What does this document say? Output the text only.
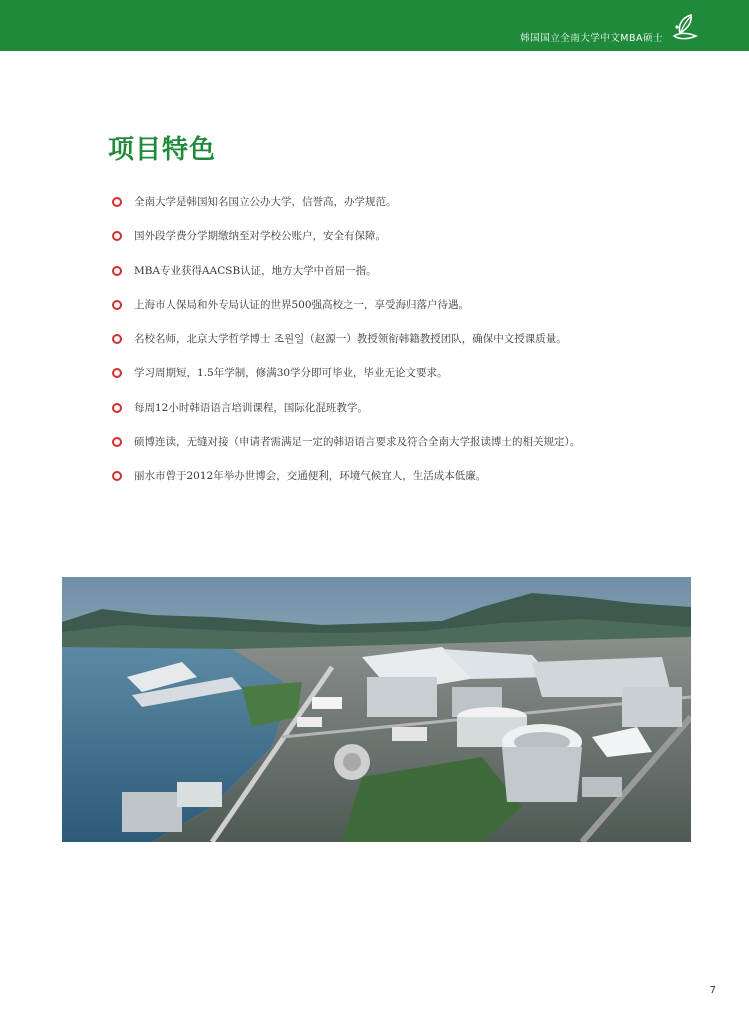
韩国国立全南大学中文MBA硕士
项目特色
全南大学是韩国知名国立公办大学，信誉高，办学规范。
国外段学费分学期缴纳至对学校公账户，安全有保障。
MBA专业获得AACSB认证，地方大学中首屈一指。
上海市人保局和外专局认证的世界500强高校之一，享受海归落户待遇。
名校名师，北京大学哲学博士 조원일（赵源一）教授领衔韩籍教授团队，确保中文授课质量。
学习周期短，1.5年学制，修满30学分即可毕业，毕业无论文要求。
每周12小时韩语语言培训课程，国际化混班教学。
硕博连读，无缝对接（申请者需满足一定的韩语语言要求及符合全南大学报读博士的相关规定）。
丽水市曾于2012年举办世博会，交通便利，环境气候宜人，生活成本低廉。
7
